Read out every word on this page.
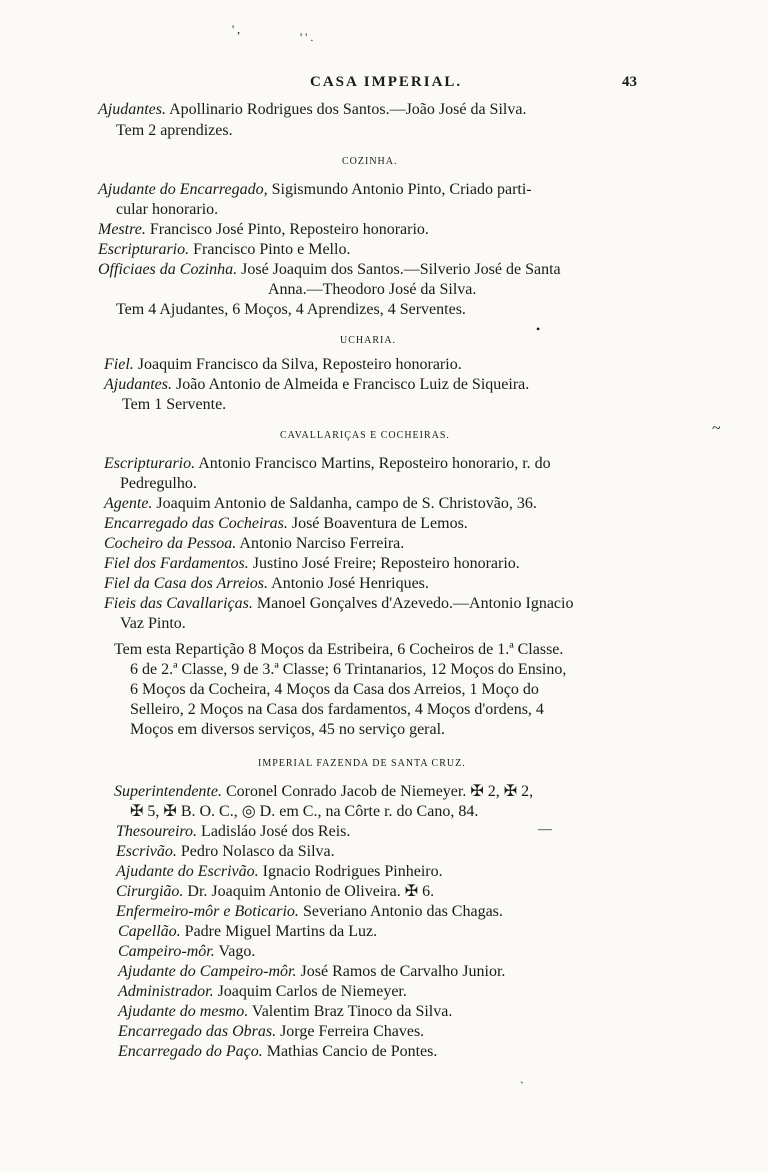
' ,
' ' .
CASA IMPERIAL.	43
Ajudantes. Apollinario Rodrigues dos Santos.—João José da Silva.
Tem 2 aprendizes.
COZINHA.
Ajudante do Encarregado, Sigismundo Antonio Pinto, Criado parti-
cular honorario.
Mestre. Francisco José Pinto, Reposteiro honorario.
Escripturario. Francisco Pinto e Mello.
Officiaes da Cozinha. José Joaquim dos Santos.—Silverio José de Santa
Anna.—Theodoro José da Silva.
Tem 4 Ajudantes, 6 Moços, 4 Aprendizes, 4 Serventes.
UCHARIA.
•
Fiel. Joaquim Francisco da Silva, Reposteiro honorario.
Ajudantes. João Antonio de Almeida e Francisco Luiz de Siqueira.
Tem 1 Servente.
CAVALLARIÇAS E COCHEIRAS.	~
Escripturario. Antonio Francisco Martins, Reposteiro honorario, r. do
Pedregulho.
Agente. Joaquim Antonio de Saldanha, campo de S. Christovão, 36.
Encarregado das Cocheiras. José Boaventura de Lemos.
Cocheiro da Pessoa. Antonio Narciso Ferreira.
Fiel dos Fardamentos. Justino José Freire; Reposteiro honorario.
Fiel da Casa dos Arreios. Antonio José Henriques.
Fieis das Cavallariças. Manoel Gonçalves d'Azevedo.—Antonio Ignacio
Vaz Pinto.
Tem esta Repartição 8 Moços da Estribeira, 6 Cocheiros de 1.ª Classe.
6 de 2.ª Classe, 9 de 3.ª Classe; 6 Trintanarios, 12 Moços do Ensino,
6 Moços da Cocheira, 4 Moços da Casa dos Arreios, 1 Moço do
Selleiro, 2 Moços na Casa dos fardamentos, 4 Moços d'ordens, 4
Moços em diversos serviços, 45 no serviço geral.
IMPERIAL FAZENDA DE SANTA CRUZ.
Superintendente. Coronel Conrado Jacob de Niemeyer. ✠ 2, ✠ 2,
✠ 5, ✠ B. O. C., ◎ D. em C., na Côrte r. do Cano, 84.
Thesoureiro. Ladisláo José dos Reis.	—
Escrivão. Pedro Nolasco da Silva.
Ajudante do Escrivão. Ignacio Rodrigues Pinheiro.
Cirurgião. Dr. Joaquim Antonio de Oliveira. ✠ 6.
Enfermeiro-môr e Boticario. Severiano Antonio das Chagas.
Capellão. Padre Miguel Martins da Luz.
Campeiro-môr. Vago.
Ajudante do Campeiro-môr. José Ramos de Carvalho Junior.
Administrador. Joaquim Carlos de Niemeyer.
Ajudante do mesmo. Valentim Braz Tinoco da Silva.
Encarregado das Obras. Jorge Ferreira Chaves.
Encarregado do Paço. Mathias Cancio de Pontes.
ˏ
